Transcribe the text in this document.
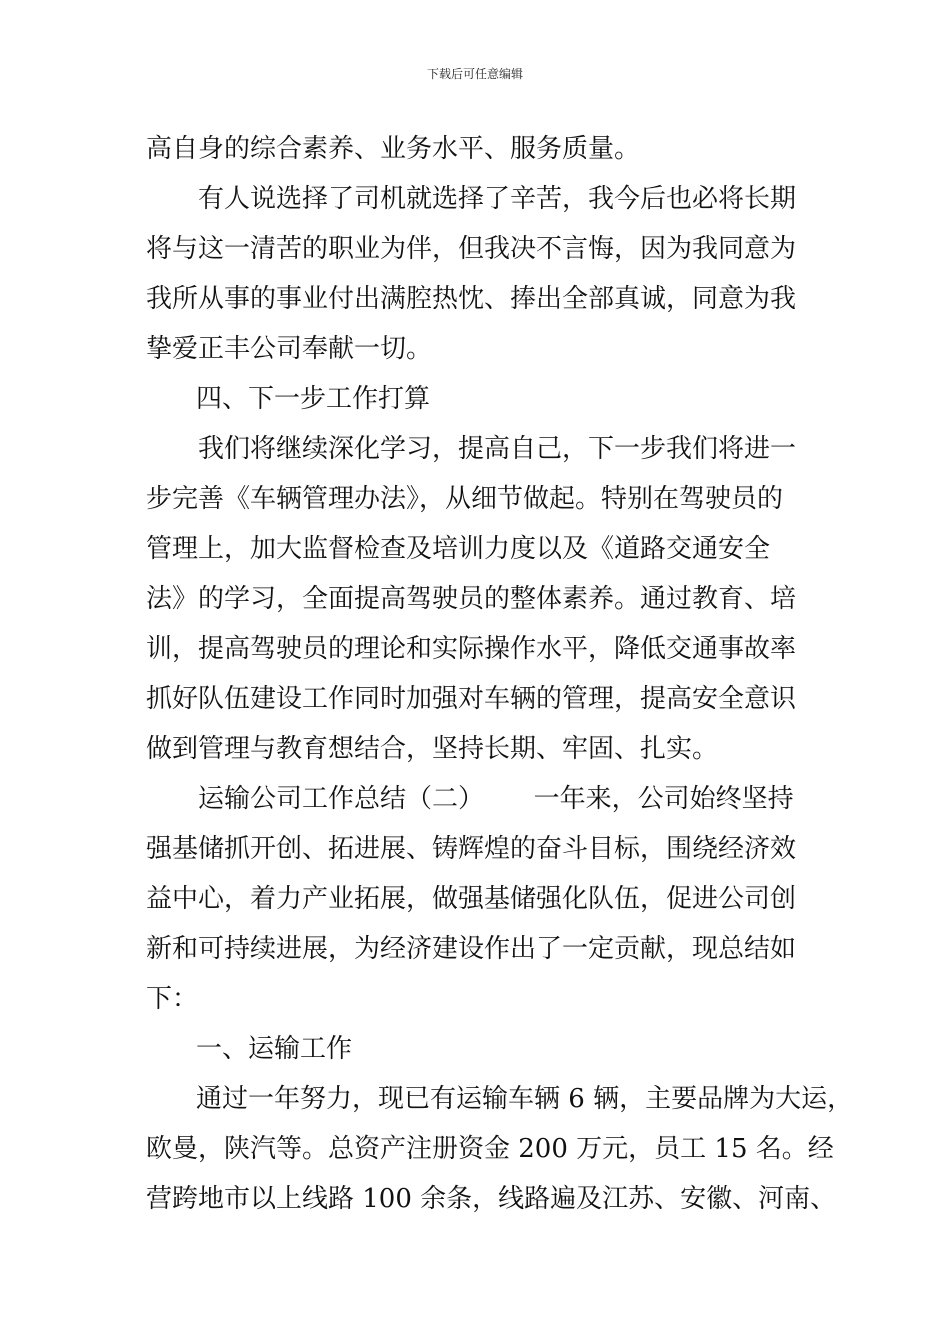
下载后可任意编辑
高自身的综合素养、业务水平、服务质量。
有人说选择了司机就选择了辛苦，我今后也必将长期
将与这一清苦的职业为伴，但我决不言悔，因为我同意为
我所从事的事业付出满腔热忱、捧出全部真诚，同意为我
挚爱正丰公司奉献一切。
四、下一步工作打算
我们将继续深化学习，提高自己，下一步我们将进一
步完善《车辆管理办法》，从细节做起。特别在驾驶员的
管理上，加大监督检查及培训力度以及《道路交通安全
法》的学习，全面提高驾驶员的整体素养。通过教育、培
训，提高驾驶员的理论和实际操作水平，降低交通事故率
抓好队伍建设工作同时加强对车辆的管理，提高安全意识
做到管理与教育想结合，坚持长期、牢固、扎实。
运输公司工作总结（二）      一年来，公司始终坚持
强基储抓开创、拓进展、铸辉煌的奋斗目标，围绕经济效
益中心，着力产业拓展，做强基储强化队伍，促进公司创
新和可持续进展，为经济建设作出了一定贡献，现总结如
下：
一、运输工作
通过一年努力，现已有运输车辆 6 辆，主要品牌为大运，
欧曼，陕汽等。总资产注册资金 200 万元，员工 15 名。经
营跨地市以上线路 100 余条，线路遍及江苏、安徽、河南、
